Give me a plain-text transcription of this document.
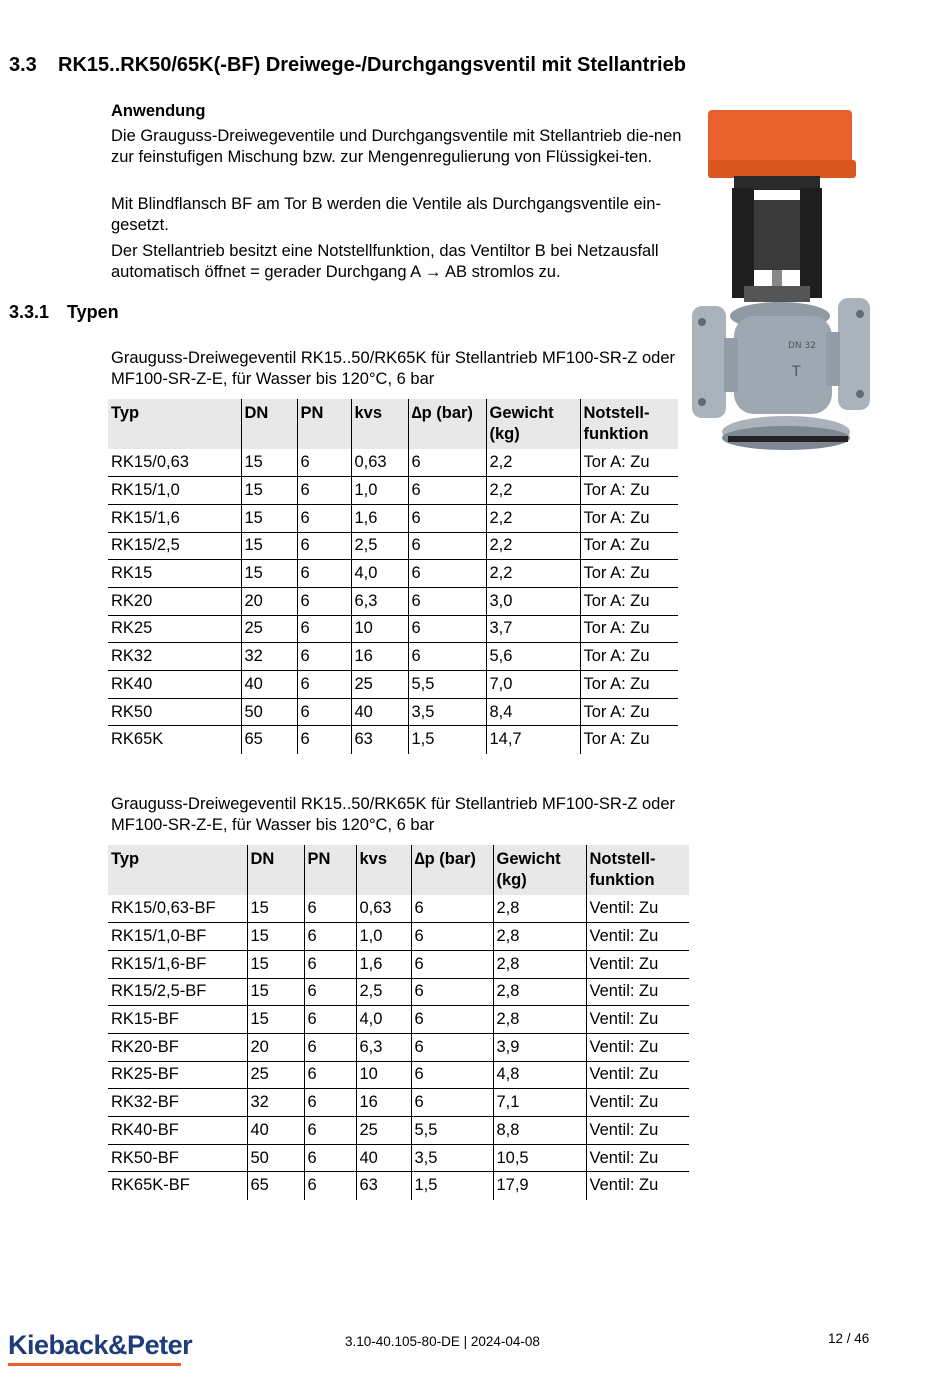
3.3 RK15..RK50/65K(-BF) Dreiwege-/Durchgangsventil mit Stellantrieb
Anwendung

Die Grauguss-Dreiwegeventile und Durchgangsventile mit Stellantrieb die-nen zur feinstufigen Mischung bzw. zur Mengenregulierung von Flüssigkei-ten.

Mit Blindflansch BF am Tor B werden die Ventile als Durchgangsventile ein-gesetzt.

Der Stellantrieb besitzt eine Notstellfunktion, das Ventiltor B bei Netzausfall automatisch öffnet = gerader Durchgang A → AB stromlos zu.

3.3.1 Typen
DN 32
T
Grauguss-Dreiwegeventil RK15..50/RK65K für Stellantrieb MF100-SR-Z oder MF100-SR-Z-E, für Wasser bis 120°C, 6 bar
Typ	DN	PN	kvs	∆p (bar)	Gewicht (kg)	Notstell-funktion
RK15/0,63	15	6	0,63	6	2,2	Tor A: Zu
RK15/1,0	15	6	1,0	6	2,2	Tor A: Zu
RK15/1,6	15	6	1,6	6	2,2	Tor A: Zu
RK15/2,5	15	6	2,5	6	2,2	Tor A: Zu
RK15	15	6	4,0	6	2,2	Tor A: Zu
RK20	20	6	6,3	6	3,0	Tor A: Zu
RK25	25	6	10	6	3,7	Tor A: Zu
RK32	32	6	16	6	5,6	Tor A: Zu
RK40	40	6	25	5,5	7,0	Tor A: Zu
RK50	50	6	40	3,5	8,4	Tor A: Zu
RK65K	65	6	63	1,5	14,7	Tor A: Zu
Grauguss-Dreiwegeventil RK15..50/RK65K für Stellantrieb MF100-SR-Z oder MF100-SR-Z-E, für Wasser bis 120°C, 6 bar
Typ	DN	PN	kvs	∆p (bar)	Gewicht (kg)	Notstell-funktion
RK15/0,63-BF	15	6	0,63	6	2,8	Ventil: Zu
RK15/1,0-BF	15	6	1,0	6	2,8	Ventil: Zu
RK15/1,6-BF	15	6	1,6	6	2,8	Ventil: Zu
RK15/2,5-BF	15	6	2,5	6	2,8	Ventil: Zu
RK15-BF	15	6	4,0	6	2,8	Ventil: Zu
RK20-BF	20	6	6,3	6	3,9	Ventil: Zu
RK25-BF	25	6	10	6	4,8	Ventil: Zu
RK32-BF	32	6	16	6	7,1	Ventil: Zu
RK40-BF	40	6	25	5,5	8,8	Ventil: Zu
RK50-BF	50	6	40	3,5	10,5	Ventil: Zu
RK65K-BF	65	6	63	1,5	17,9	Ventil: Zu
Kieback&Peter	3.10-40.105-80-DE | 2024-04-08	12 / 46
